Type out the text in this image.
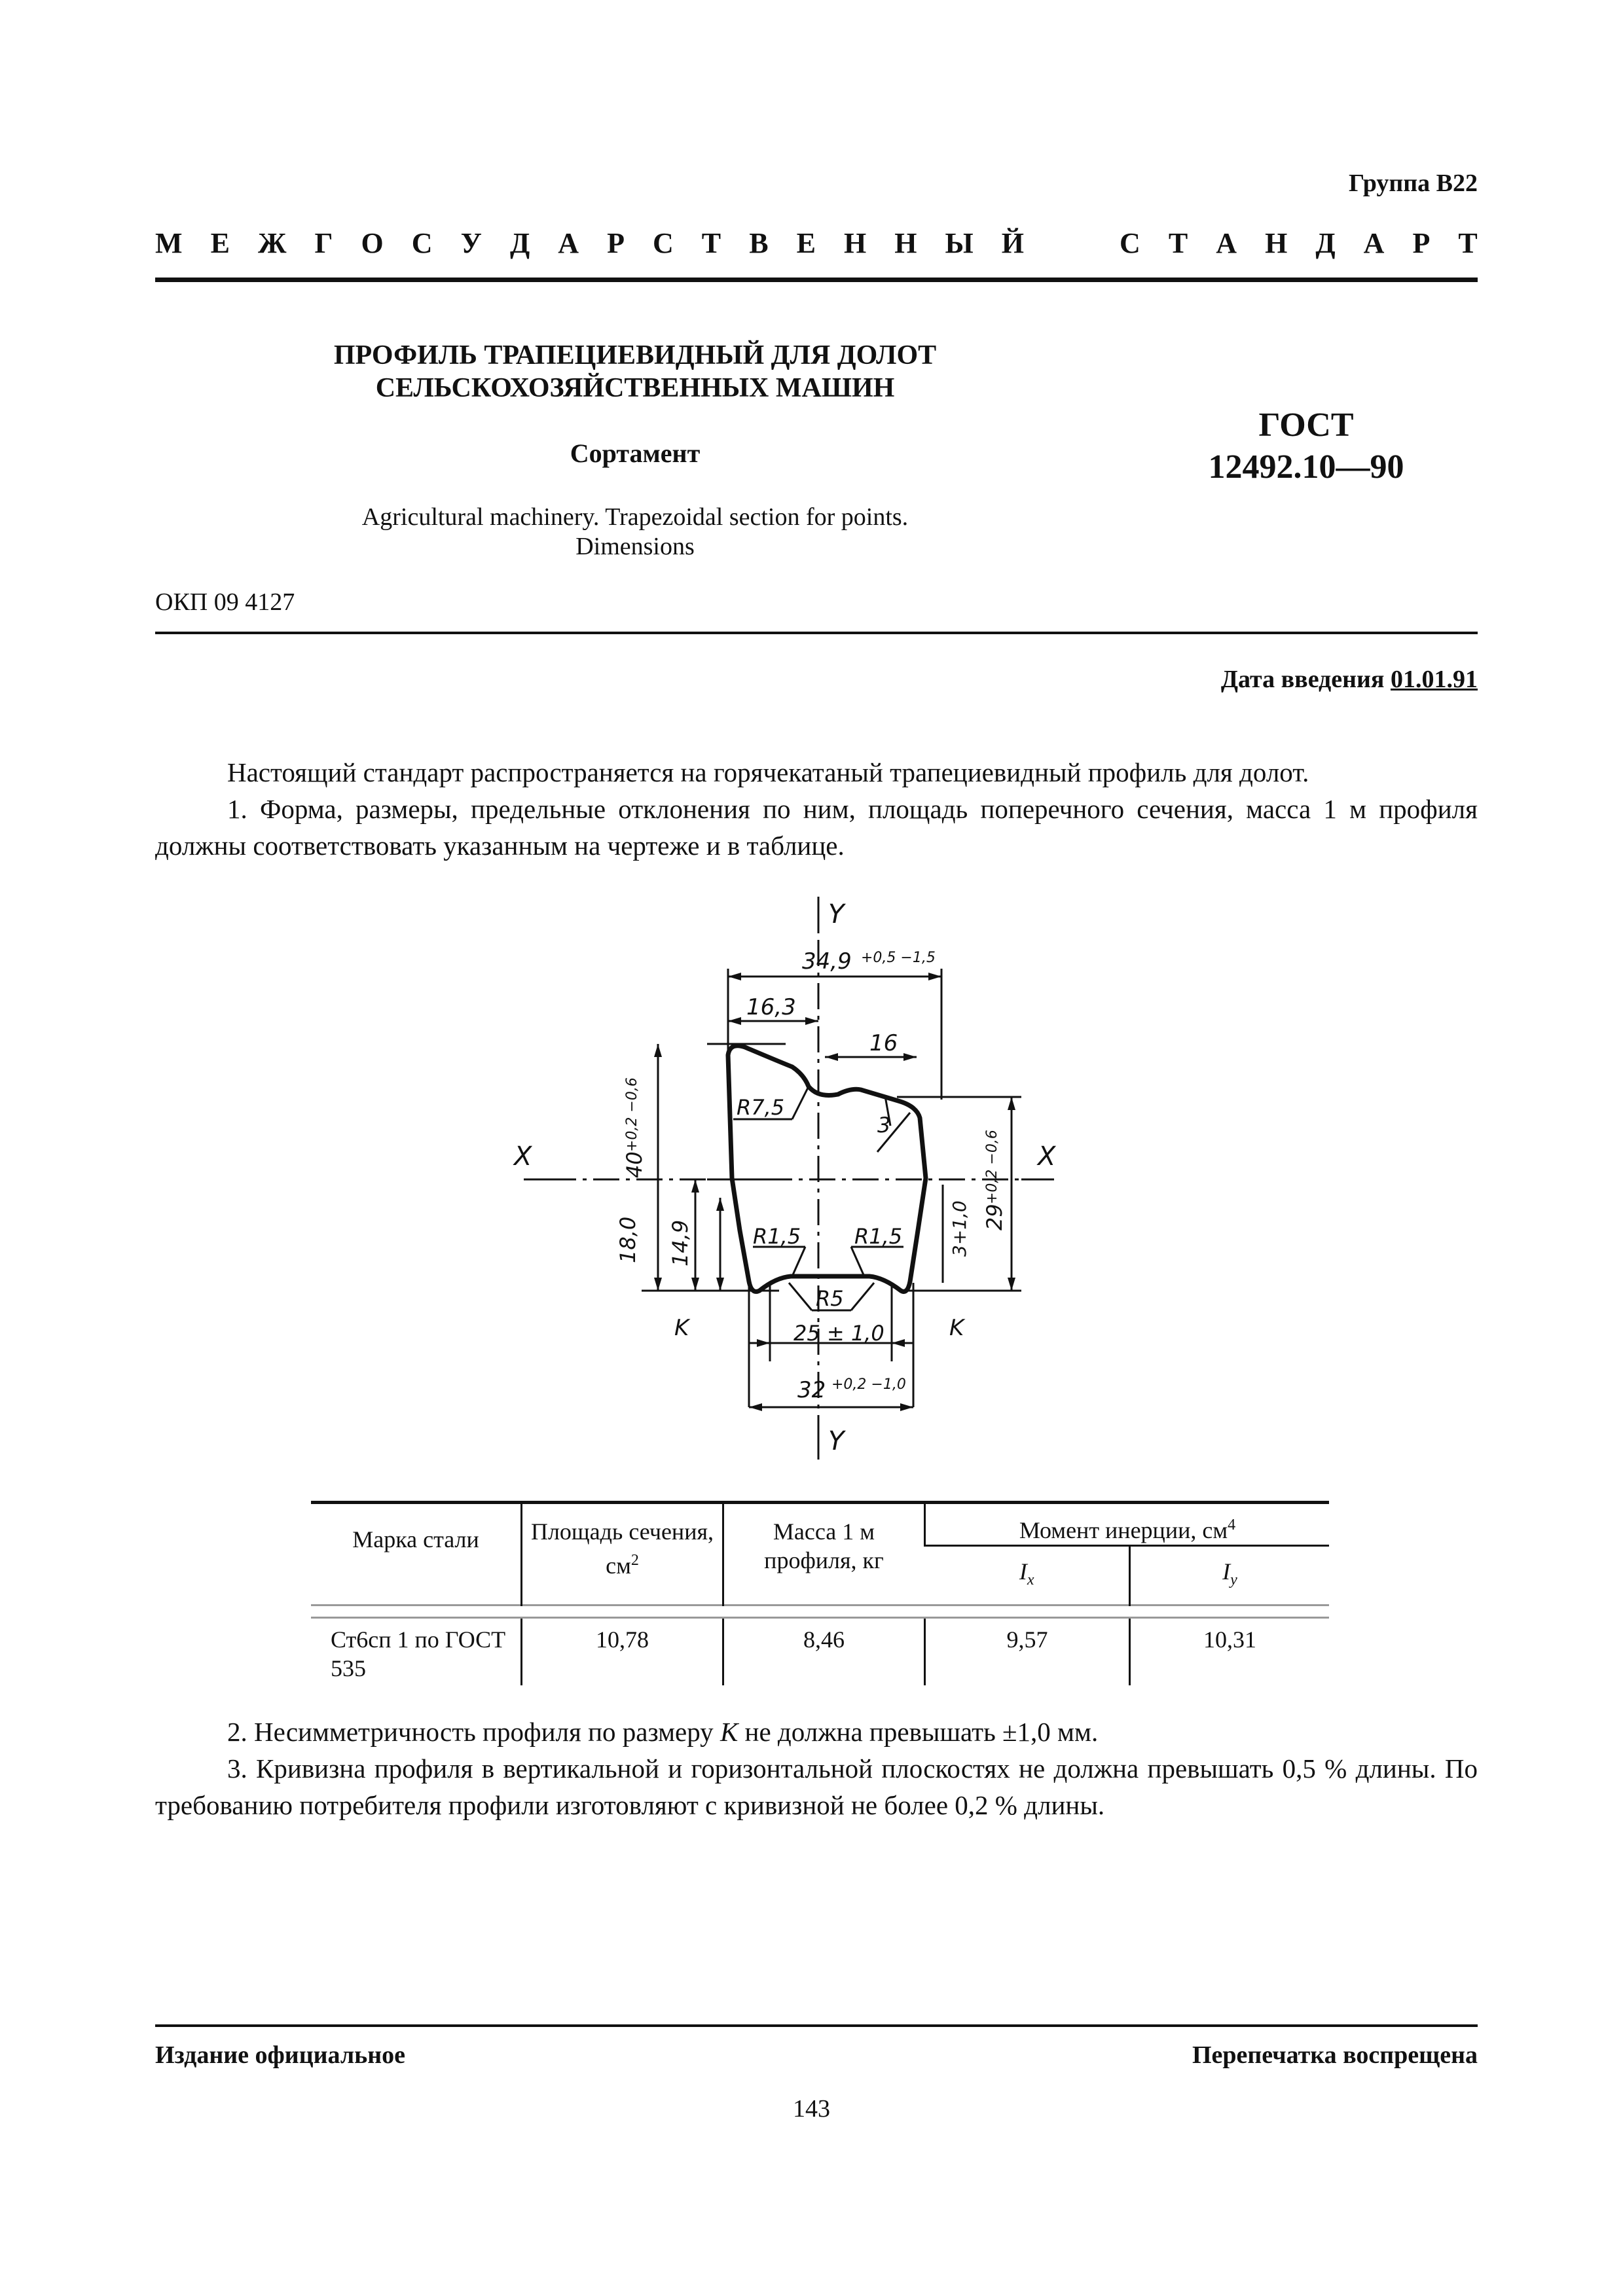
Группа В22
М Е Ж Г О С У Д А Р С Т В Е Н Н Ы Й	С Т А Н Д А Р Т
ПРОФИЛЬ ТРАПЕЦИЕВИДНЫЙ ДЛЯ ДОЛОТ
СЕЛЬСКОХОЗЯЙСТВЕННЫХ МАШИН
Сортамент
Agricultural machinery. Trapezoidal section for points.
Dimensions
ГОСТ
12492.10—90
ОКП 09 4127
Дата введения 01.01.91

Настоящий стандарт распространяется на горячекатаный трапециевидный профиль для долот.

1. Форма, размеры, предельные отклонения по ним, площадь поперечного сечения, масса 1 м профиля должны соответствовать указанным на чертеже и в таблице.

Y
Y
X	X
34,9 +0,5 −1,5
16,3
16
3
R7,5
40
+0,2 −0,6
18,0 14,9	R1,5	R1,5
R5
29
+0,2 −0,6
3+1,0
K	K
25 ± 1,0
32 +0,2 −1,0
Марка стали	Площадь сечения, $см^2$	Масса 1 м профиля, кг	Момент инерции, $см^4$
			$I_x$	$I_y$

Ст6сп 1 по ГОСТ 535	10,78	8,46	9,57	10,31

2. Несимметричность профиля по размеру K не должна превышать ±1,0 мм.

3. Кривизна профиля в вертикальной и горизонтальной плоскостях не должна превышать 0,5 % длины. По требованию потребителя профили изготовляют с кривизной не более 0,2 % длины.

Издание официальное	Перепечатка воспрещена
143
